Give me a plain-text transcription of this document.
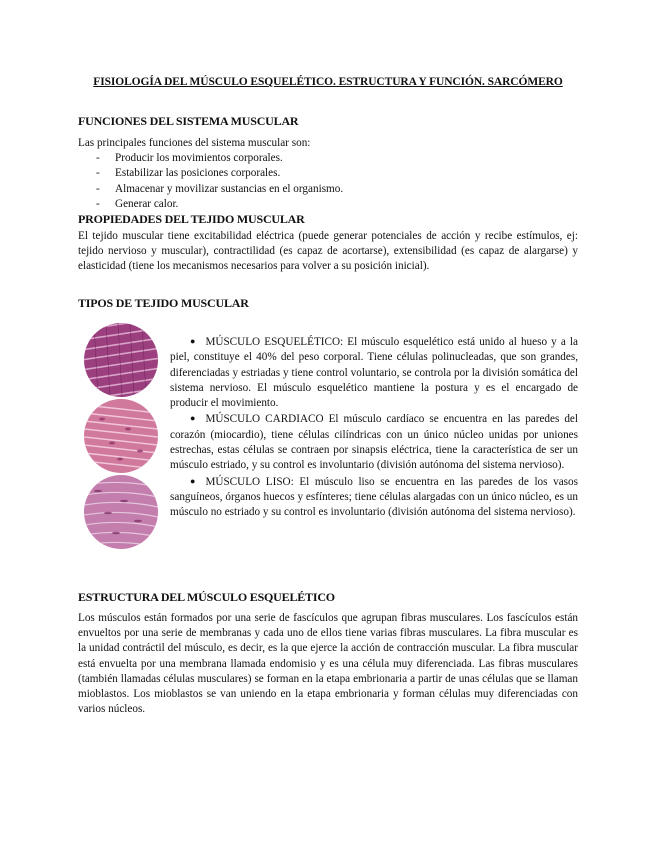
FISIOLOGÍA DEL MÚSCULO ESQUELÉTICO. ESTRUCTURA Y FUNCIÓN. SARCÓMERO
FUNCIONES DEL SISTEMA MUSCULAR
Las principales funciones del sistema muscular son:
- Producir los movimientos corporales.
- Estabilizar las posiciones corporales.
- Almacenar y movilizar sustancias en el organismo.
- Generar calor.
PROPIEDADES DEL TEJIDO MUSCULAR
El tejido muscular tiene excitabilidad eléctrica (puede generar potenciales de acción y recibe estímulos, ej: tejido nervioso y muscular), contractilidad (es capaz de acortarse), extensibilidad (es capaz de alargarse) y elasticidad (tiene los mecanismos necesarios para volver a su posición inicial).
TIPOS DE TEJIDO MUSCULAR
● MÚSCULO ESQUELÉTICO: El músculo esquelético está unido al hueso y a la piel, constituye el 40% del peso corporal. Tiene células polinucleadas, que son grandes, diferenciadas y estriadas y tiene control voluntario, se controla por la división somática del sistema nervioso. El músculo esquelético mantiene la postura y es el encargado de producir el movimiento.
● MÚSCULO CARDIACO El músculo cardíaco se encuentra en las paredes del corazón (miocardio), tiene células cilíndricas con un único núcleo unidas por uniones estrechas, estas células se contraen por sinapsis eléctrica, tiene la característica de ser un músculo estriado, y su control es involuntario (división autónoma del sistema nervioso).
● MÚSCULO LISO: El músculo liso se encuentra en las paredes de los vasos sanguíneos, órganos huecos y esfínteres; tiene células alargadas con un único núcleo, es un músculo no estriado y su control es involuntario (división autónoma del sistema nervioso).
ESTRUCTURA DEL MÚSCULO ESQUELÉTICO
Los músculos están formados por una serie de fascículos que agrupan fibras musculares. Los fascículos están envueltos por una serie de membranas y cada uno de ellos tiene varias fibras musculares. La fibra muscular es la unidad contráctil del músculo, es decir, es la que ejerce la acción de contracción muscular. La fibra muscular está envuelta por una membrana llamada endomisio y es una célula muy diferenciada. Las fibras musculares (también llamadas células musculares) se forman en la etapa embrionaria a partir de unas células que se llaman mioblastos. Los mioblastos se van uniendo en la etapa embrionaria y forman células muy diferenciadas con varios núcleos.
